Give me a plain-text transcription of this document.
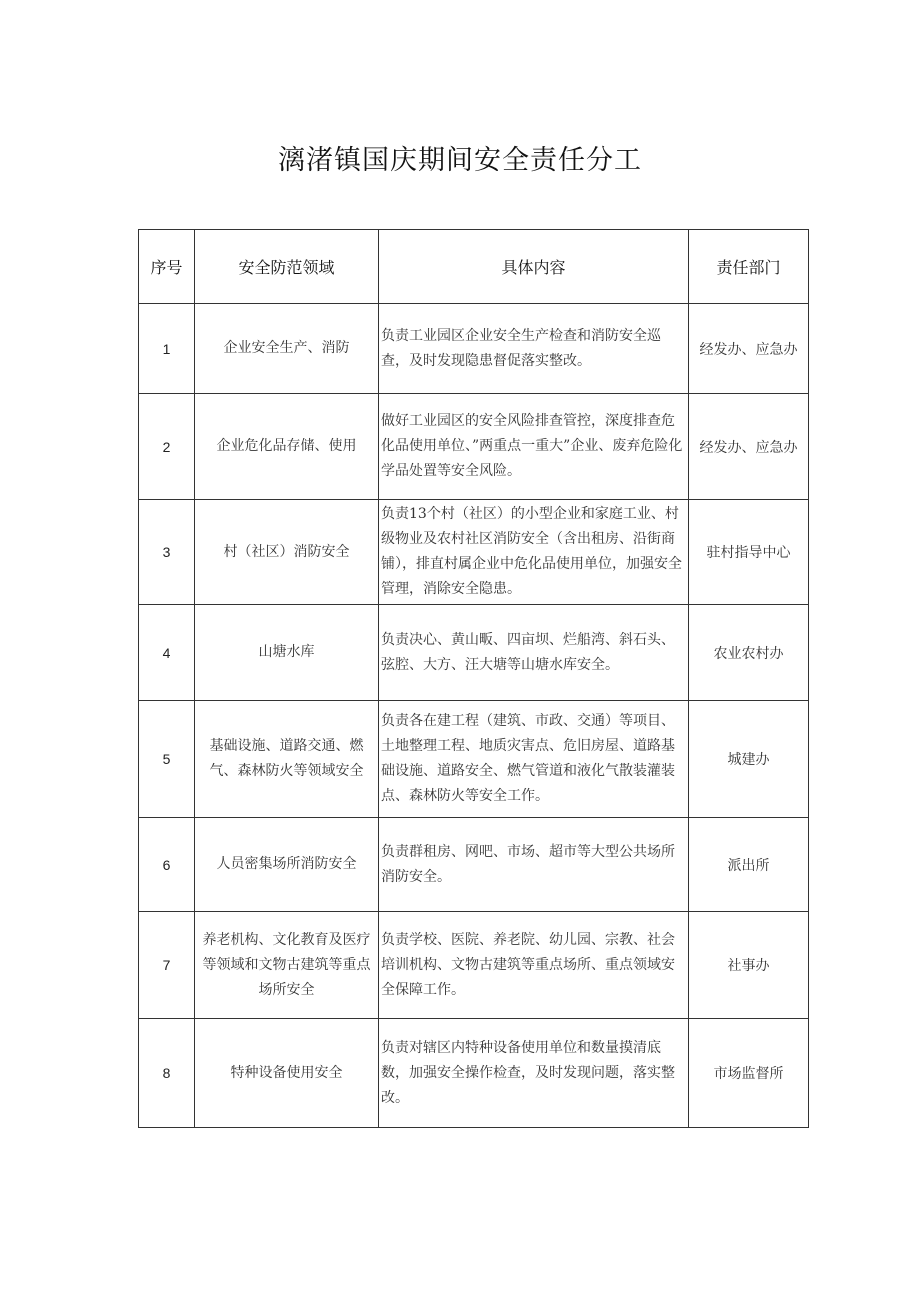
漓渚镇国庆期间安全责任分工
序号	安全防范领域	具体内容	责任部门
1	企业安全生产、消防	负责工业园区企业安全生产检查和消防安全巡查，及时发现隐患督促落实整改。	经发办、应急办
2	企业危化品存储、使用	做好工业园区的安全风险排查管控，深度排查危化品使用单位、”两重点一重大”企业、废弃危险化学品处置等安全风险。	经发办、应急办
3	村（社区）消防安全	负责13个村（社区）的小型企业和家庭工业、村级物业及农村社区消防安全（含出租房、沿街商铺），排直村属企业中危化品使用单位，加强安全管理，消除安全隐患。	驻村指导中心
4	山塘水库	负责决心、黄山畈、四亩坝、烂船湾、斜石头、弦腔、大方、汪大塘等山塘水库安全。	农业农村办
5	基础设施、道路交通、燃气、森林防火等领域安全	负责各在建工程（建筑、市政、交通）等项目、土地整理工程、地质灾害点、危旧房屋、道路基础设施、道路安全、燃气管道和液化气散装灌装点、森林防火等安全工作。	城建办
6	人员密集场所消防安全	负责群租房、网吧、市场、超市等大型公共场所消防安全。	派出所
7	养老机构、文化教育及医疗等领域和文物古建筑等重点场所安全	负责学校、医院、养老院、幼儿园、宗教、社会培训机构、文物古建筑等重点场所、重点领域安全保障工作。	社事办
8	特种设备使用安全	负责对辖区内特种设备使用单位和数量摸清底数，加强安全操作检查，及时发现问题，落实整改。	市场监督所
